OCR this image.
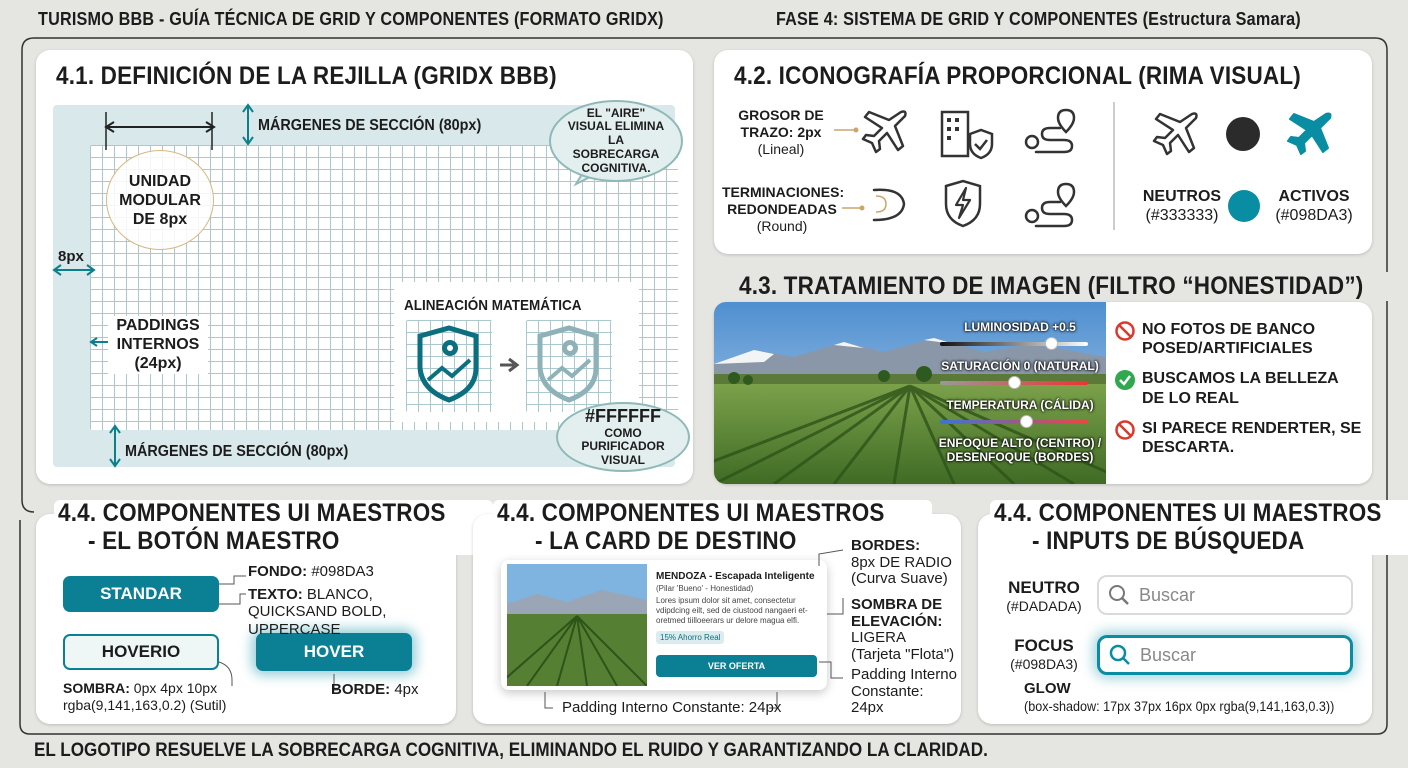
TURISMO BBB - GUÍA TÉCNICA DE GRID Y COMPONENTES (FORMATO GRIDX)	FASE 4: SISTEMA DE GRID Y COMPONENTES (Estructura Samara)
4.1. DEFINICIÓN DE LA REJILLA (GRIDX BBB)
MÁRGENES DE SECCIÓN (80px)
MÁRGENES DE SECCIÓN (80px)
8px
UNIDAD MODULAR DE 8px
PADDINGS INTERNOS (24px)
EL "AIRE" VISUAL ELIMINA LA SOBRECARGA COGNITIVA.
ALINEACIÓN MATEMÁTICA
#FFFFFF
COMO PURIFICADOR VISUAL
4.2. ICONOGRAFÍA PROPORCIONAL (RIMA VISUAL)
GROSOR DE TRAZO: 2px
(Lineal)
TERMINACIONES: REDONDEADAS
(Round)
NEUTROS
(#333333)
ACTIVOS
(#098DA3)
4.3. TRATAMIENTO DE IMAGEN (FILTRO “HONESTIDAD”)
LUMINOSIDAD +0.5
SATURACIÓN 0 (NATURAL)
TEMPERATURA (CÁLIDA)
ENFOQUE ALTO (CENTRO) / DESENFOQUE (BORDES)
NO FOTOS DE BANCO POSED/ARTIFICIALES
BUSCAMOS LA BELLEZA DE LO REAL
SI PARECE RENDERTER, SE DESCARTA.
4.4. COMPONENTES UI MAESTROS
- EL BOTÓN MAESTRO
STANDAR
HOVERIO	HOVER
FONDO: #098DA3
TEXTO: BLANCO, QUICKSAND BOLD, UPPERCASE
SOMBRA: 0px 4px 10px rgba(9,141,163,0.2) (Sutil)
BORDE: 4px
4.4. COMPONENTES UI MAESTROS
- LA CARD DE DESTINO
MENDOZA - Escapada Inteligente
(Pilar 'Bueno' - Honestidad)
Lores ipsum dolor sit amet, consectetur vdipdcing eilt, sed de ciustood nangaeri et-oretmed tiilloeerars ur delore magua elfi.
15% Ahorro Real
VER OFERTA
BORDES:
8px DE RADIO (Curva Suave)
SOMBRA DE ELEVACIÓN:
LIGERA (Tarjeta "Flota")
Padding Interno Constante: 24px
Padding Interno Constante: 24px
4.4. COMPONENTES UI MAESTROS
- INPUTS DE BÚSQUEDA
NEUTRO
(#DADADA)
Buscar
FOCUS
(#098DA3)	Buscar
GLOW
(box-shadow: 17px 37px 16px 0px rgba(9,141,163,0.3))
EL LOGOTIPO RESUELVE LA SOBRECARGA COGNITIVA, ELIMINANDO EL RUIDO Y GARANTIZANDO LA CLARIDAD.
